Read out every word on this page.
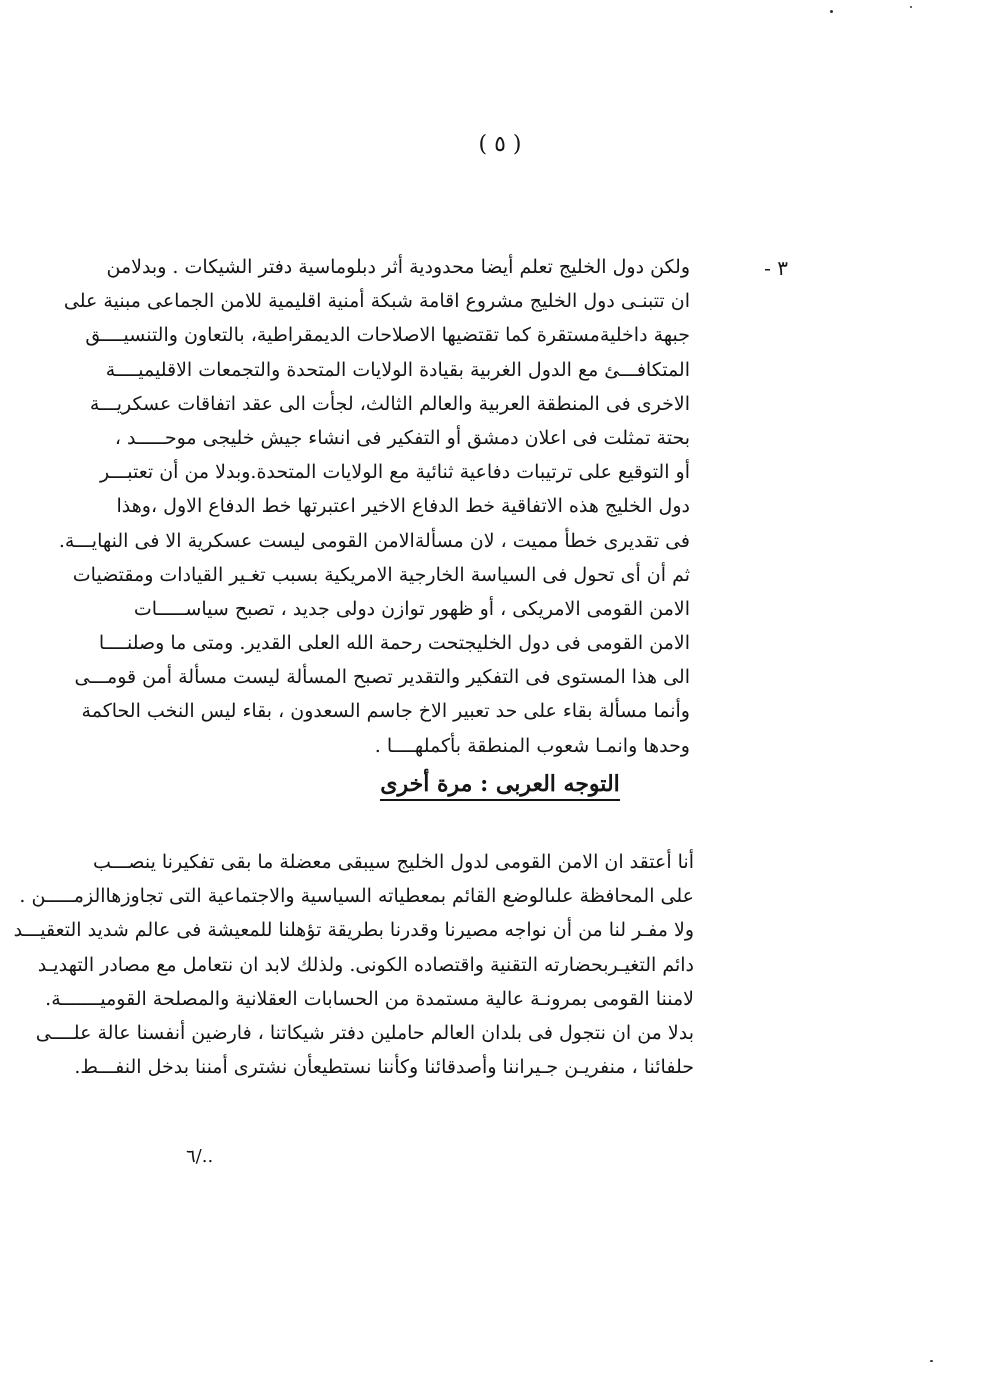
( ٥ )
٣ -
ولكن دول الخليج تعلم أيضا محدودية أثر دبلوماسية دفتر الشيكات . وبدلامن
ان تتبنـى دول الخليج مشروع اقامة شبكة أمنية اقليمية للامن الجماعى مبنية على
جبهة داخليةمستقرة كما تقتضيها الاصلاحات الديمقراطية، بالتعاون والتنسيــــق
المتكافـــئ مع الدول الغربية بقيادة الولايات المتحدة والتجمعات الاقليميــــة
الاخرى فى المنطقة العربية والعالم الثالث، لجأت الى عقد اتفاقات عسكريـــة
بحتة تمثلت فى اعلان دمشق أو التفكير فى انشاء جيش خليجى موحـــــد ،
أو التوقيع على ترتيبات دفاعية ثنائية مع الولايات المتحدة.وبدلا من أن تعتبـــر
دول الخليج هذه الاتفاقية خط الدفاع الاخير اعتبرتها خط الدفاع الاول ،وهذا
فى تقديرى خطأ مميت ، لان مسألةالامن القومى ليست عسكرية الا فى النهايـــة.
ثم أن أى تحول فى السياسة الخارجية الامريكية بسبب تغـير القيادات ومقتضيات
الامن القومى الامريكى ، أو ظهور توازن دولى جديد ، تصبح سياســـــات
الامن القومى فى دول الخليجتحت رحمة الله العلى القدير. ومتى ما وصلنــــا
الى هذا المستوى فى التفكير والتقدير تصبح المسألة ليست مسألة أمن قومـــى
وأنما مسألة بقاء على حد تعبير الاخ جاسم السعدون ، بقاء ليس النخب الحاكمة
وحدها وانمـا شعوب المنطقة بأكملهــــا .
التوجه العربى : مرة أخرى
أنا أعتقد ان الامن القومى لدول الخليج سيبقى معضلة ما بقى تفكيرنا ينصـــب
على المحافظة علىالوضع القائم بمعطياته السياسية والاجتماعية التى تجاوزهاالزمـــــن .
ولا مفـر لنا من أن نواجه مصيرنا وقدرنا بطريقة تؤهلنا للمعيشة فى عالم شديد التعقيـــد
دائم التغيـربحضارته التقنية واقتصاده الكونى. ولذلك لابد ان نتعامل مع مصادر التهديـد
لامننا القومى بمرونـة عالية مستمدة من الحسابات العقلانية والمصلحة القوميـــــــة.
بدلا من ان نتجول فى بلدان العالم حاملين دفتر شيكاتنا ، فارضين أنفسنا عالة علــــى
حلفائنا ، منفريـن جـيراننا وأصدقائنا وكأننا نستطيعأن نشترى أمننا بدخل النفـــط.
٦/..
